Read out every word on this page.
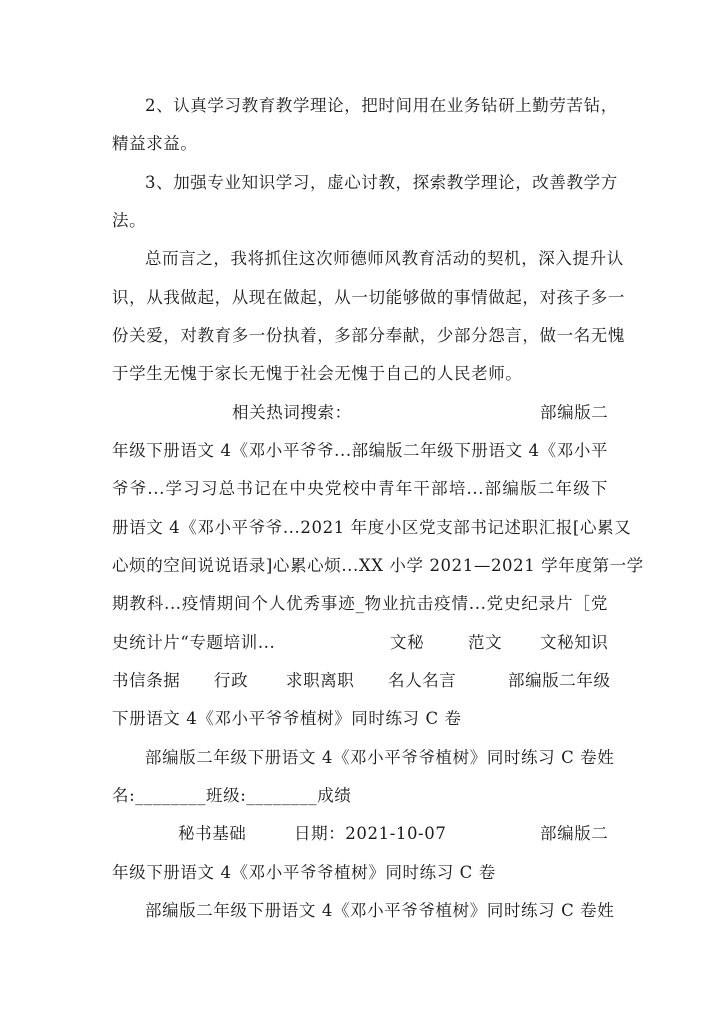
2、认真学习教育教学理论，把时间用在业务钻研上勤劳苦钻，
精益求益。
3、加强专业知识学习，虚心讨教，探索教学理论，改善教学方
法。
总而言之，我将抓住这次师德师风教育活动的契机，深入提升认
识，从我做起，从现在做起，从一切能够做的事情做起，对孩子多一
份关爱，对教育多一份执着，多部分奉献，少部分怨言，做一名无愧
于学生无愧于家长无愧于社会无愧于自己的人民老师。
相关热词搜索：	部编版二
年级下册语文 4《邓小平爷爷...部编版二年级下册语文 4《邓小平
爷爷...学习习总书记在中央党校中青年干部培...部编版二年级下
册语文 4《邓小平爷爷...2021 年度小区党支部书记述职汇报[心累又
心烦的空间说说语录]心累心烦...XX 小学 2021—2021 学年度第一学
期教科...疫情期间个人优秀事迹_物业抗击疫情...党史纪录片［党
史统计片“专题培训...	文秘	范文	文秘知识
书信条据	行政	求职离职	名人名言	部编版二年级
下册语文 4《邓小平爷爷植树》同时练习 C 卷
部编版二年级下册语文 4《邓小平爷爷植树》同时练习 C 卷姓
名:________班级:________成绩
秘书基础	日期：2021-10-07	部编版二
年级下册语文 4《邓小平爷爷植树》同时练习 C 卷
部编版二年级下册语文 4《邓小平爷爷植树》同时练习 C 卷姓
